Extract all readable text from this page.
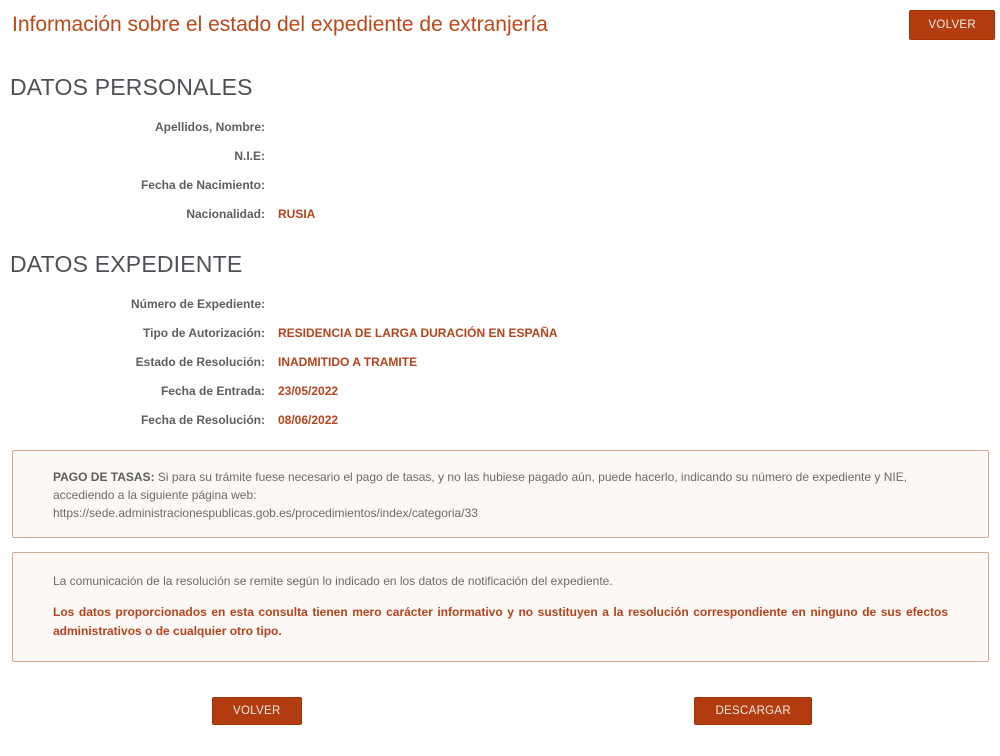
Información sobre el estado del expediente de extranjería	VOLVER
DATOS PERSONALES
Apellidos, Nombre:
N.I.E:
Fecha de Nacimiento:
Nacionalidad: RUSIA
DATOS EXPEDIENTE
Número de Expediente:
Tipo de Autorización: RESIDENCIA DE LARGA DURACIÓN EN ESPAÑA
Estado de Resolución: INADMITIDO A TRAMITE
Fecha de Entrada: 23/05/2022
Fecha de Resolución: 08/06/2022
PAGO DE TASAS: Si para su trámite fuese necesario el pago de tasas, y no las hubiese pagado aún, puede hacerlo, indicando su número de expediente y NIE, accediendo a la siguiente página web:
https://sede.administracionespublicas.gob.es/procedimientos/index/categoria/33

La comunicación de la resolución se remite según lo indicado en los datos de notificación del expediente.

Los datos proporcionados en esta consulta tienen mero carácter informativo y no sustituyen a la resolución correspondiente en ninguno de sus efectos administrativos o de cualquier otro tipo.

VOLVER	DESCARGAR
